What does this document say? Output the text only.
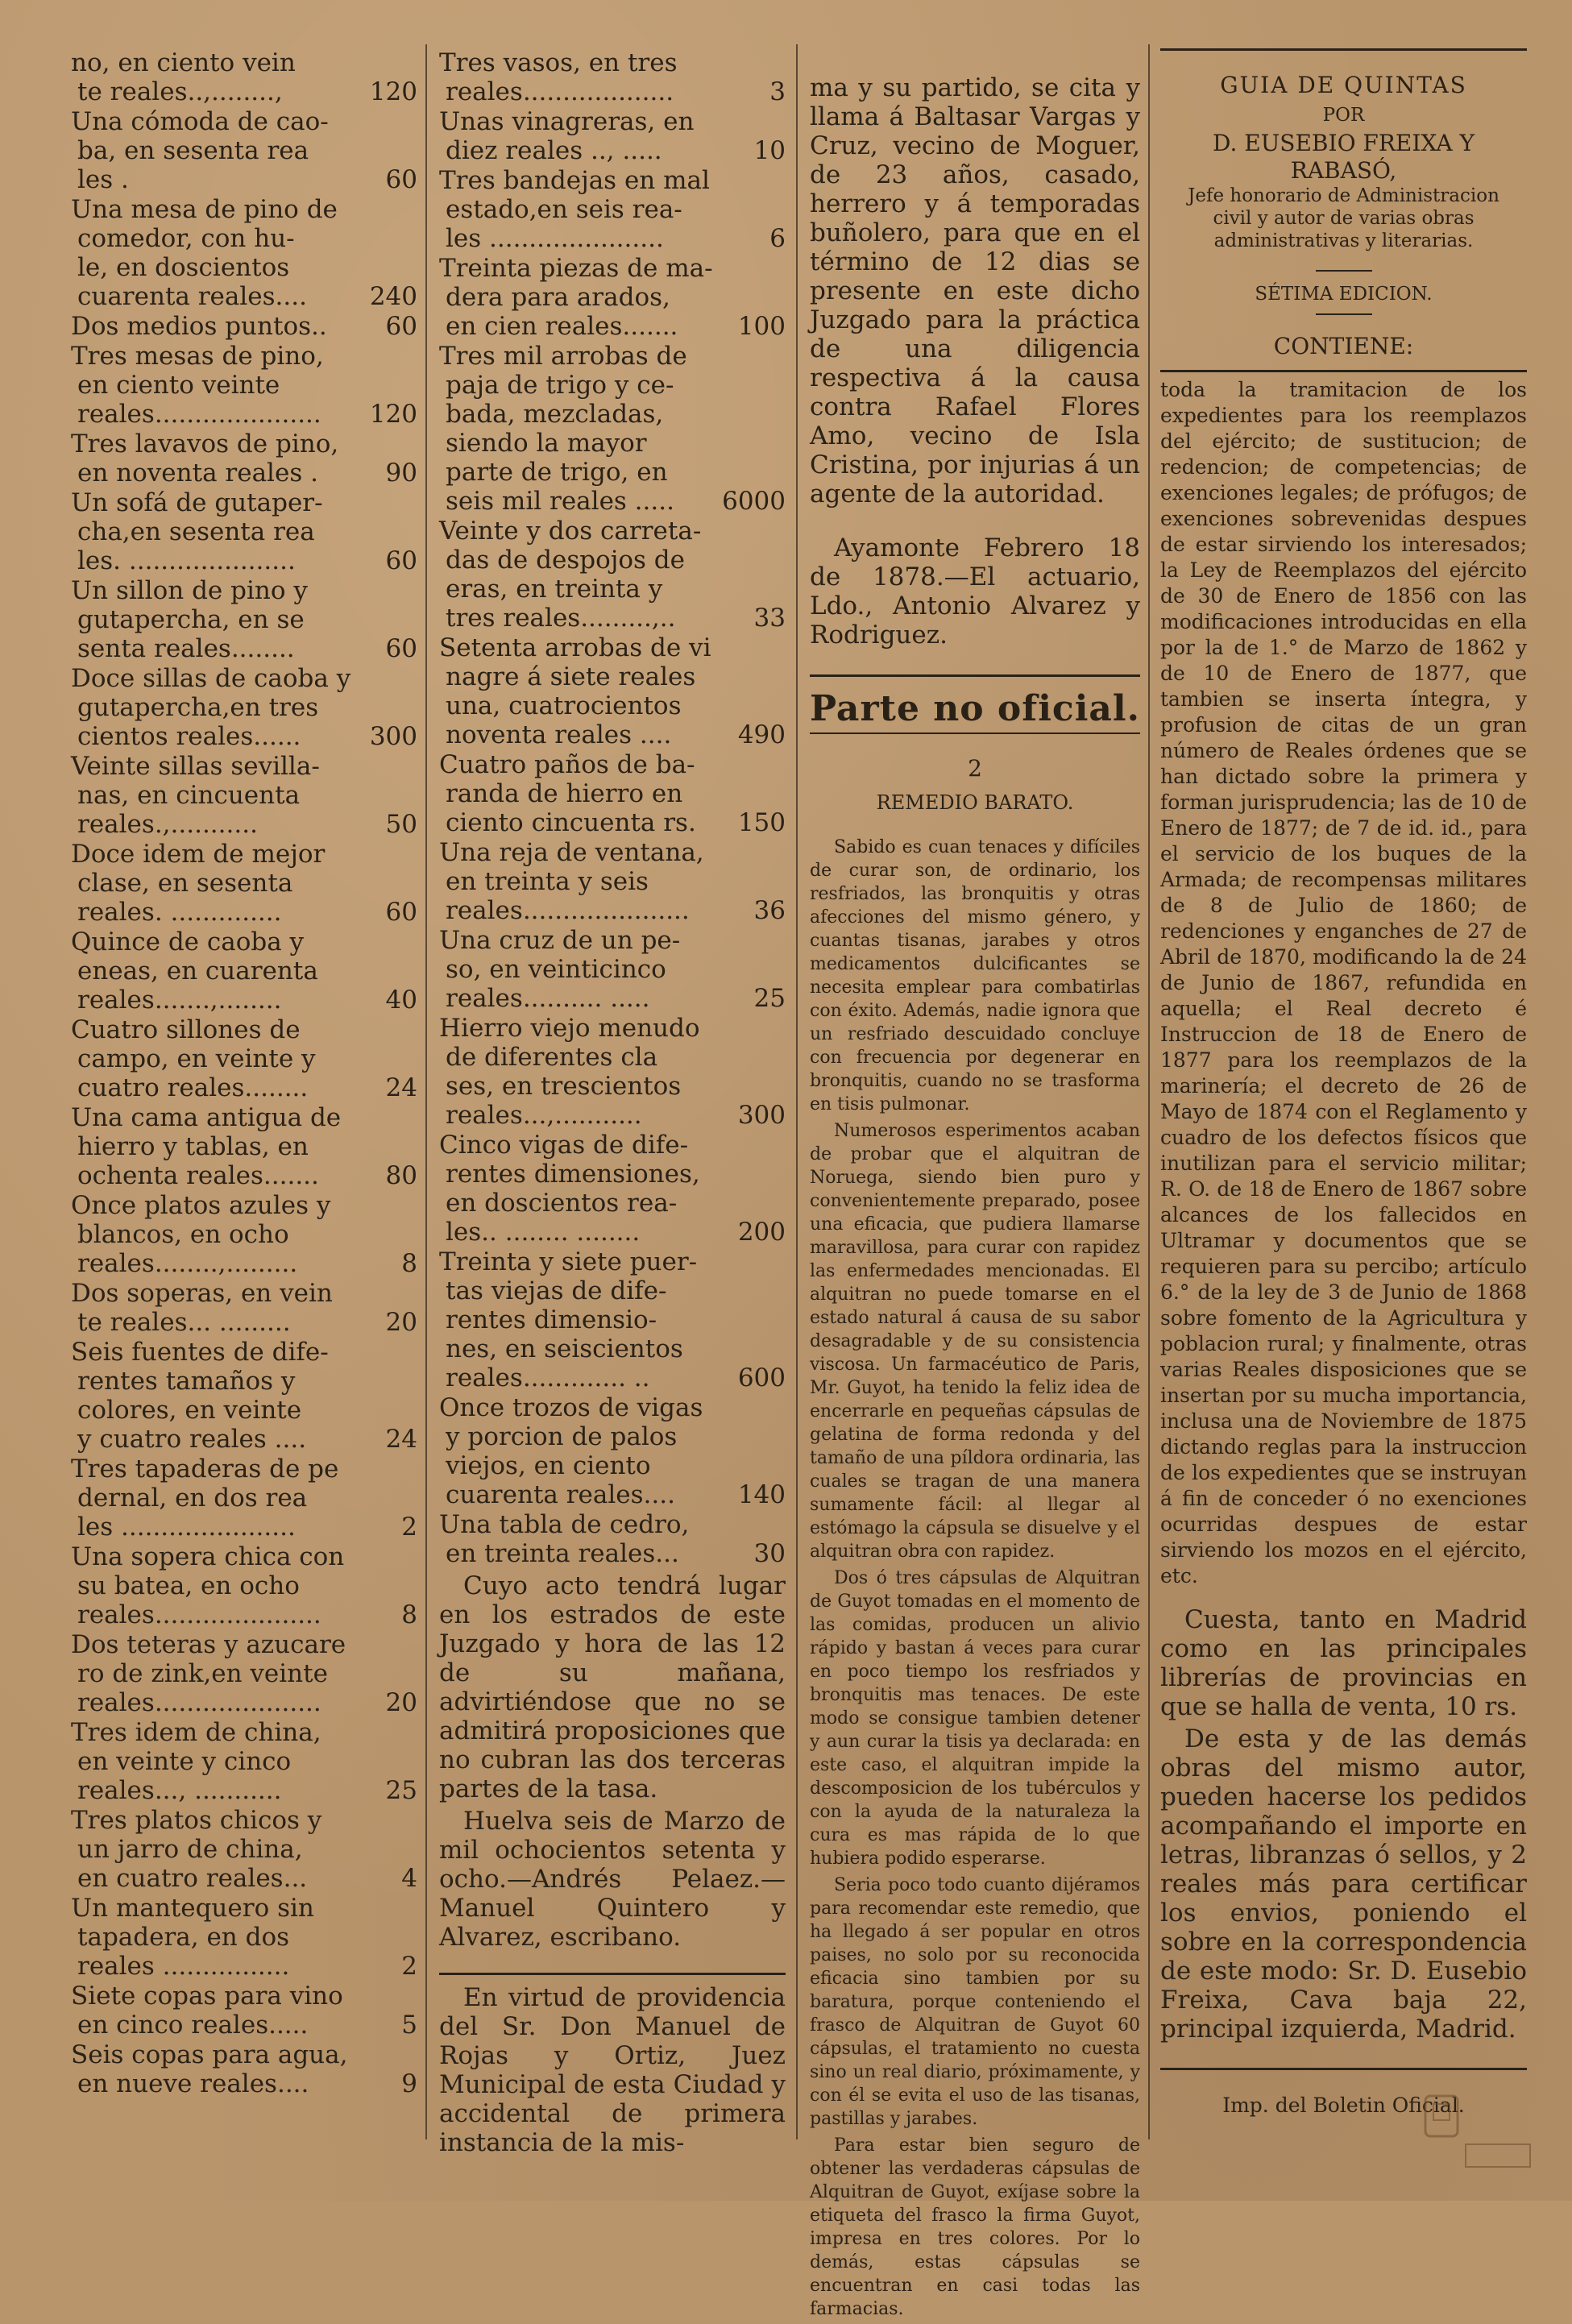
no, en ciento vein
te reales..,........,	120
Una cómoda de cao-
ba, en sesenta rea
les .	60
Una mesa de pino de
comedor, con hu-
le, en doscientos
cuarenta reales....	240
Dos medios puntos..	60
Tres mesas de pino,
en ciento veinte
reales.....................	120
Tres lavavos de pino,
en noventa reales .	90
Un sofá de gutaper-
cha,en sesenta rea
les. .....................	60
Un sillon de pino y
gutapercha, en se
senta reales........	60
Doce sillas de caoba y
gutapercha,en tres
cientos reales......	300
Veinte sillas sevilla-
nas, en cincuenta
reales.,...........	50
Doce idem de mejor
clase, en sesenta
reales. ..............	60
Quince de caoba y
eneas, en cuarenta
reales.......,........	40
Cuatro sillones de
campo, en veinte y
cuatro reales........	24
Una cama antigua de
hierro y tablas, en
ochenta reales.......	80
Once platos azules y
blancos, en ocho
reales........,.........	8
Dos soperas, en vein
te reales... .........	20
Seis fuentes de dife-
rentes tamaños y
colores, en veinte
y cuatro reales ....	24
Tres tapaderas de pe
dernal, en dos rea
les ......................	2
Una sopera chica con
su batea, en ocho
reales.....................	8
Dos teteras y azucare
ro de zink,en veinte
reales.....................	20
Tres idem de china,
en veinte y cinco
reales..., ...........	25
Tres platos chicos y
un jarro de china,
en cuatro reales...	4
Un mantequero sin
tapadera, en dos
reales ................	2
Siete copas para vino
en cinco reales.....	5
Seis copas para agua,
en nueve reales....	9
Tres vasos, en tres
reales...................	3
Unas vinagreras, en
diez reales .., .....	10
Tres bandejas en mal
estado,en seis rea-
les ......................	6
Treinta piezas de ma-
dera para arados,
en cien reales.......	100
Tres mil arrobas de
paja de trigo y ce-
bada, mezcladas,
siendo la mayor
parte de trigo, en
seis mil reales .....	6000
Veinte y dos carreta-
das de despojos de
eras, en treinta y
tres reales.........,..	33
Setenta arrobas de vi
nagre á siete reales
una, cuatrocientos
noventa reales ....	490
Cuatro paños de ba-
randa de hierro en
ciento cincuenta rs.	150
Una reja de ventana,
en treinta y seis
reales.....................	36
Una cruz de un pe-
so, en veinticinco
reales.......... .....	25
Hierro viejo menudo
de diferentes cla
ses, en trescientos
reales...,...........	300
Cinco vigas de dife-
rentes dimensiones,
en doscientos rea-
les.. ........ ........	200
Treinta y siete puer-
tas viejas de dife-
rentes dimensio-
nes, en seiscientos
reales............. ..	600
Once trozos de vigas
y porcion de palos
viejos, en ciento
cuarenta reales....	140
Una tabla de cedro,
en treinta reales...	30

Cuyo acto tendrá lugar en los estrados de este Juzgado y hora de las 12 de su mañana, advirtiéndose que no se admitirá proposiciones que no cubran las dos terceras partes de la tasa.

Huelva seis de Marzo de mil ochocientos setenta y ocho.—Andrés Pelaez.—Manuel Quintero y Alvarez, escribano.

En virtud de providencia del Sr. Don Manuel de Rojas y Ortiz, Juez Municipal de esta Ciudad y accidental de primera instancia de la mis-

ma y su partido, se cita y llama á Baltasar Vargas y Cruz, vecino de Moguer, de 23 años, casado, herrero y á temporadas buñolero, para que en el término de 12 dias se presente en este dicho Juzgado para la práctica de una diligencia respectiva á la causa contra Rafael Flores Amo, vecino de Isla Cristina, por injurias á un agente de la autoridad.

Ayamonte Febrero 18 de 1878.—El actuario, Ldo., Antonio Alvarez y Rodriguez.

Parte no oficial.
2
REMEDIO BARATO.

Sabido es cuan tenaces y difíciles de curar son, de ordinario, los resfriados, las bronquitis y otras afecciones del mismo género, y cuantas tisanas, jarabes y otros medicamentos dulcificantes se necesita emplear para combatirlas con éxito. Además, nadie ignora que un resfriado descuidado concluye con frecuencia por degenerar en bronquitis, cuando no se trasforma en tisis pulmonar.

Numerosos esperimentos acaban de probar que el alquitran de Noruega, siendo bien puro y convenientemente preparado, posee una eficacia, que pudiera llamarse maravillosa, para curar con rapidez las enfermedades mencionadas. El alquitran no puede tomarse en el estado natural á causa de su sabor desagradable y de su consistencia viscosa. Un farmacéutico de Paris, Mr. Guyot, ha tenido la feliz idea de encerrarle en pequeñas cápsulas de gelatina de forma redonda y del tamaño de una píldora ordinaria, las cuales se tragan de una manera sumamente fácil: al llegar al estómago la cápsula se disuelve y el alquitran obra con rapidez.

Dos ó tres cápsulas de Alquitran de Guyot tomadas en el momento de las comidas, producen un alivio rápido y bastan á veces para curar en poco tiempo los resfriados y bronquitis mas tenaces. De este modo se consigue tambien detener y aun curar la tisis ya declarada: en este caso, el alquitran impide la descomposicion de los tubérculos y con la ayuda de la naturaleza la cura es mas rápida de lo que hubiera podido esperarse.

Seria poco todo cuanto dijéramos para recomendar este remedio, que ha llegado á ser popular en otros paises, no solo por su reconocida eficacia sino tambien por su baratura, porque conteniendo el frasco de Alquitran de Guyot 60 cápsulas, el tratamiento no cuesta sino un real diario, próximamente, y con él se evita el uso de las tisanas, pastillas y jarabes.

Para estar bien seguro de obtener las verdaderas cápsulas de Alquitran de Guyot, exíjase sobre la etiqueta del frasco la firma Guyot, impresa en tres colores. Por lo demás, estas cápsulas se encuentran en casi todas las farmacias.

GUIA DE QUINTAS
POR
D. EUSEBIO FREIXA Y RABASÓ,
Jefe honorario de Administracion civil y autor de varias obras administrativas y literarias.
SÉTIMA EDICION.
CONTIENE:

toda la tramitacion de los expedientes para los reemplazos del ejército; de sustitucion; de redencion; de competencias; de exenciones legales; de prófugos; de exenciones sobrevenidas despues de estar sirviendo los interesados; la Ley de Reemplazos del ejército de 30 de Enero de 1856 con las modificaciones introducidas en ella por la de 1.° de Marzo de 1862 y de 10 de Enero de 1877, que tambien se inserta íntegra, y profusion de citas de un gran número de Reales órdenes que se han dictado sobre la primera y forman jurisprudencia; las de 10 de Enero de 1877; de 7 de id. id., para el servicio de los buques de la Armada; de recompensas militares de 8 de Julio de 1860; de redenciones y enganches de 27 de Abril de 1870, modificando la de 24 de Junio de 1867, refundida en aquella; el Real decreto é Instruccion de 18 de Enero de 1877 para los reemplazos de la marinería; el decreto de 26 de Mayo de 1874 con el Reglamento y cuadro de los defectos físicos que inutilizan para el servicio militar; R. O. de 18 de Enero de 1867 sobre alcances de los fallecidos en Ultramar y documentos que se requieren para su percibo; artículo 6.° de la ley de 3 de Junio de 1868 sobre fomento de la Agricultura y poblacion rural; y finalmente, otras varias Reales disposiciones que se insertan por su mucha importancia, inclusa una de Noviembre de 1875 dictando reglas para la instruccion de los expedientes que se instruyan á fin de conceder ó no exenciones ocurridas despues de estar sirviendo los mozos en el ejército, etc.

Cuesta, tanto en Madrid como en las principales librerías de provincias en que se halla de venta, 10 rs.

De esta y de las demás obras del mismo autor, pueden hacerse los pedidos acompañando el importe en letras, libranzas ó sellos, y 2 reales más para certificar los envios, poniendo el sobre en la correspondencia de este modo: Sr. D. Eusebio Freixa, Cava baja 22, principal izquierda, Madrid.

Imp. del Boletin Oficial.
